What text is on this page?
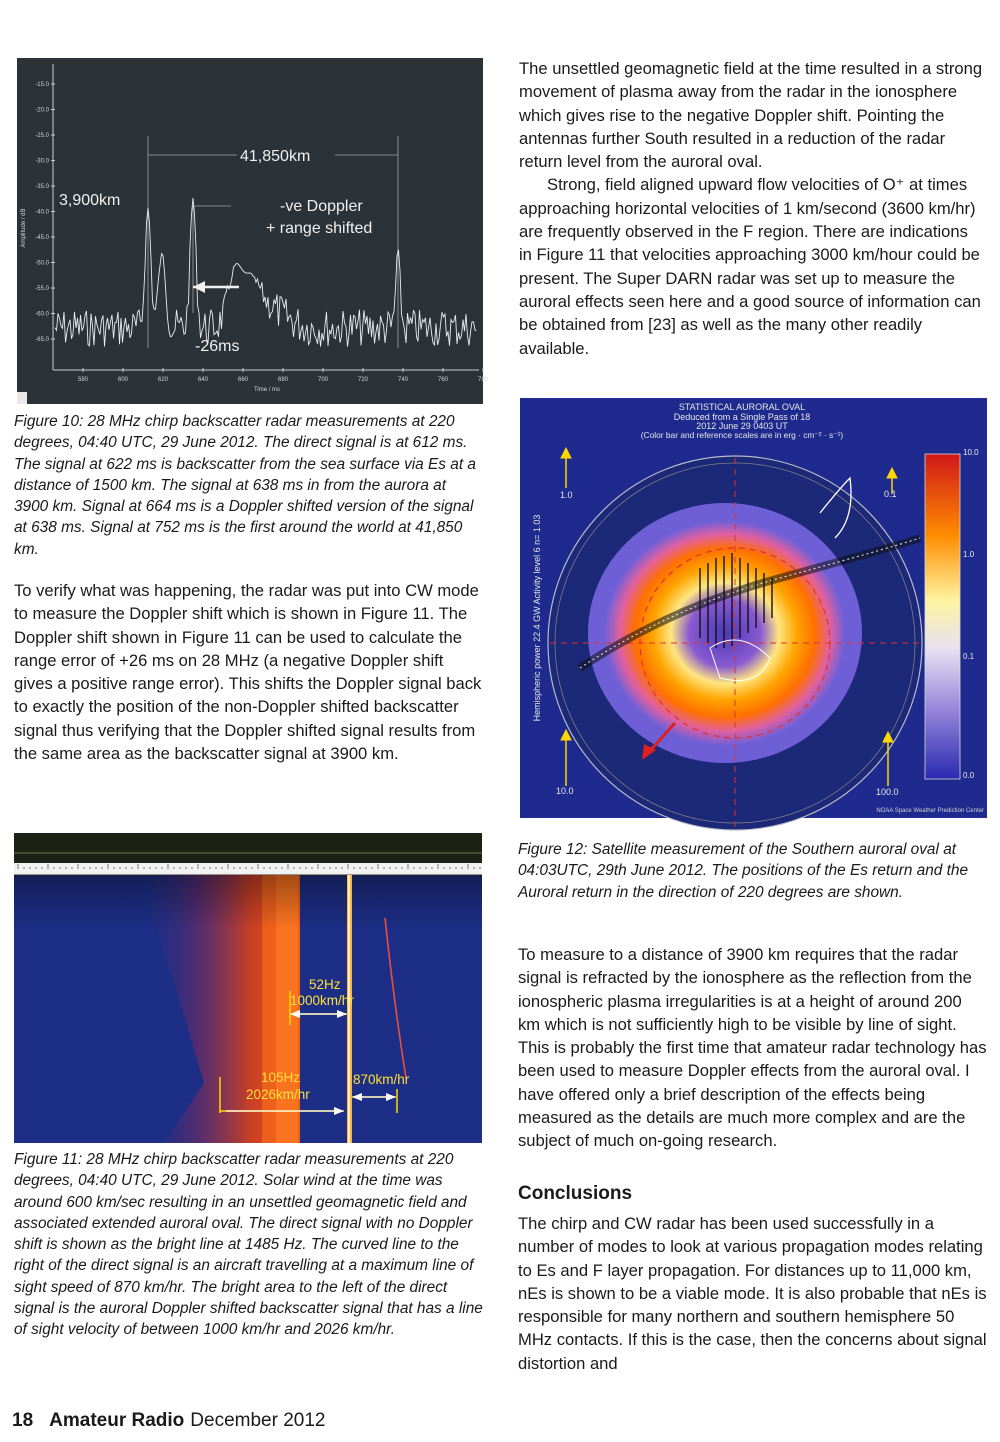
-15.0
-20.0
-25.0
-30.0
-35.0
-40.0
-45.0
-50.0
-55.0
-60.0
-65.0
580	600	620	640	660	680	700	720	740	760	780
Time / ms
Amplitude / dB
3,900km
41,850km
-ve Doppler
+ range shifted
-26ms

Figure 10: 28 MHz chirp backscatter radar measurements at 220 degrees, 04:40 UTC, 29 June 2012. The direct signal is at 612 ms. The signal at 622 ms is backscatter from the sea surface via Es at a distance of 1500 km. The signal at 638 ms in from the aurora at 3900 km. Signal at 664 ms is a Doppler shifted version of the signal at 638 ms. Signal at 752 ms is the first around the world at 41,850 km.

To verify what was happening, the radar was put into CW mode to measure the Doppler shift which is shown in Figure 11. The Doppler shift shown in Figure 11 can be used to calculate the range error of +26 ms on 28 MHz (a negative Doppler shift gives a positive range error). This shifts the Doppler signal back to exactly the position of the non-Doppler shifted backscatter signal thus verifying that the Doppler shifted signal results from the same area as the backscatter signal at 3900 km.

52Hz
1000km/hr
105Hz
2026km/hr
870km/hr

Figure 11: 28 MHz chirp backscatter radar measurements at 220 degrees, 04:40 UTC, 29 June 2012. Solar wind at the time was around 600 km/sec resulting in an unsettled geomagnetic field and associated extended auroral oval. The direct signal with no Doppler shift is shown as the bright line at 1485 Hz. The curved line to the right of the direct signal is an aircraft travelling at a maximum line of sight speed of 870 km/hr. The bright area to the left of the direct signal is the auroral Doppler shifted backscatter signal that has a line of sight velocity of between 1000 km/hr and 2026 km/hr.

The unsettled geomagnetic field at the time resulted in a strong movement of plasma away from the radar in the ionosphere which gives rise to the negative Doppler shift. Pointing the antennas further South resulted in a reduction of the radar return level from the auroral oval.

Strong, field aligned upward flow velocities of O⁺ at times approaching horizontal velocities of 1 km/second (3600 km/hr) are frequently observed in the F region. There are indications in Figure 11 that velocities approaching 3000 km/hour could be present. The Super DARN radar was set up to measure the auroral effects seen here and a good source of information can be obtained from [23] as well as the many other readily available.

10.0
1.0
0.1
0.0
STATISTICAL AURORAL OVAL
Deduced from a Single Pass of 18
2012 June 29 0403 UT
(Color bar and reference scales are in erg · cm⁻² · s⁻¹)
Hemispheric power 22.4 GW Activity level 6 n= 1.03
1.0	0.1
10.0	100.0
NOAA Space Weather Prediction Center

Figure 12: Satellite measurement of the Southern auroral oval at 04:03UTC, 29th June 2012. The positions of the Es return and the Auroral return in the direction of 220 degrees are shown.

To measure to a distance of 3900 km requires that the radar signal is refracted by the ionosphere as the reflection from the ionospheric plasma irregularities is at a height of around 200 km which is not sufficiently high to be visible by line of sight. This is probably the first time that amateur radar technology has been used to measure Doppler effects from the auroral oval. I have offered only a brief description of the effects being measured as the details are much more complex and are the subject of much on-going research.

Conclusions

The chirp and CW radar has been used successfully in a number of modes to look at various propagation modes relating to Es and F layer propagation. For distances up to 11,000 km, nEs is shown to be a viable mode. It is also probable that nEs is responsible for many northern and southern hemisphere 50 MHz contacts. If this is the case, then the concerns about signal distortion and

18 Amateur Radio December 2012
